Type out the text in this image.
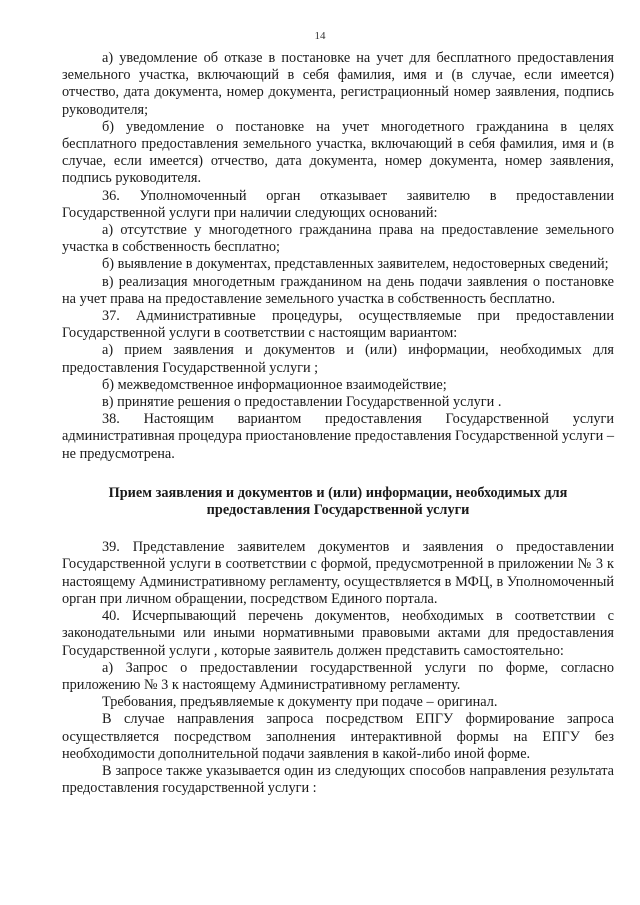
14

а) уведомление об отказе в постановке на учет для бесплатного предоставления земельного участка, включающий в себя фамилия, имя и (в случае, если имеется) отчество, дата документа, номер документа, регистрационный номер заявления, подпись руководителя;

б) уведомление о постановке на учет многодетного гражданина в целях бесплатного предоставления земельного участка, включающий в себя фамилия, имя и (в случае, если имеется) отчество, дата документа, номер документа, номер заявления, подпись руководителя.

36. Уполномоченный орган отказывает заявителю в предоставлении Государственной услуги при наличии следующих оснований:

а) отсутствие у многодетного гражданина права на предоставление земельного участка в собственность бесплатно;

б) выявление в документах, представленных заявителем, недостоверных сведений;

в) реализация многодетным гражданином на день подачи заявления о постановке на учет права на предоставление земельного участка в собственность бесплатно.

37. Административные процедуры, осуществляемые при предоставлении Государственной услуги в соответствии с настоящим вариантом:

а) прием заявления и документов и (или) информации, необходимых для предоставления Государственной услуги ;

б) межведомственное информационное взаимодействие;

в) принятие решения о предоставлении Государственной услуги .

38. Настоящим вариантом предоставления Государственной услуги административная процедура приостановление предоставления Государственной услуги – не предусмотрена.

Прием заявления и документов и (или) информации, необходимых для предоставления Государственной услуги

39. Представление заявителем документов и заявления о предоставлении Государственной услуги в соответствии с формой, предусмотренной в приложении № 3 к настоящему Административному регламенту, осуществляется в МФЦ, в Уполномоченный орган при личном обращении, посредством Единого портала.

40. Исчерпывающий перечень документов, необходимых в соответствии с законодательными или иными нормативными правовыми актами для предоставления Государственной услуги , которые заявитель должен представить самостоятельно:

а) Запрос о предоставлении государственной услуги по форме, согласно приложению № 3 к настоящему Административному регламенту.

Требования, предъявляемые к документу при подаче – оригинал.

В случае направления запроса посредством ЕПГУ формирование запроса осуществляется посредством заполнения интерактивной формы на ЕПГУ без необходимости дополнительной подачи заявления в какой-либо иной форме.

В запросе также указывается один из следующих способов направления результата предоставления государственной услуги :
